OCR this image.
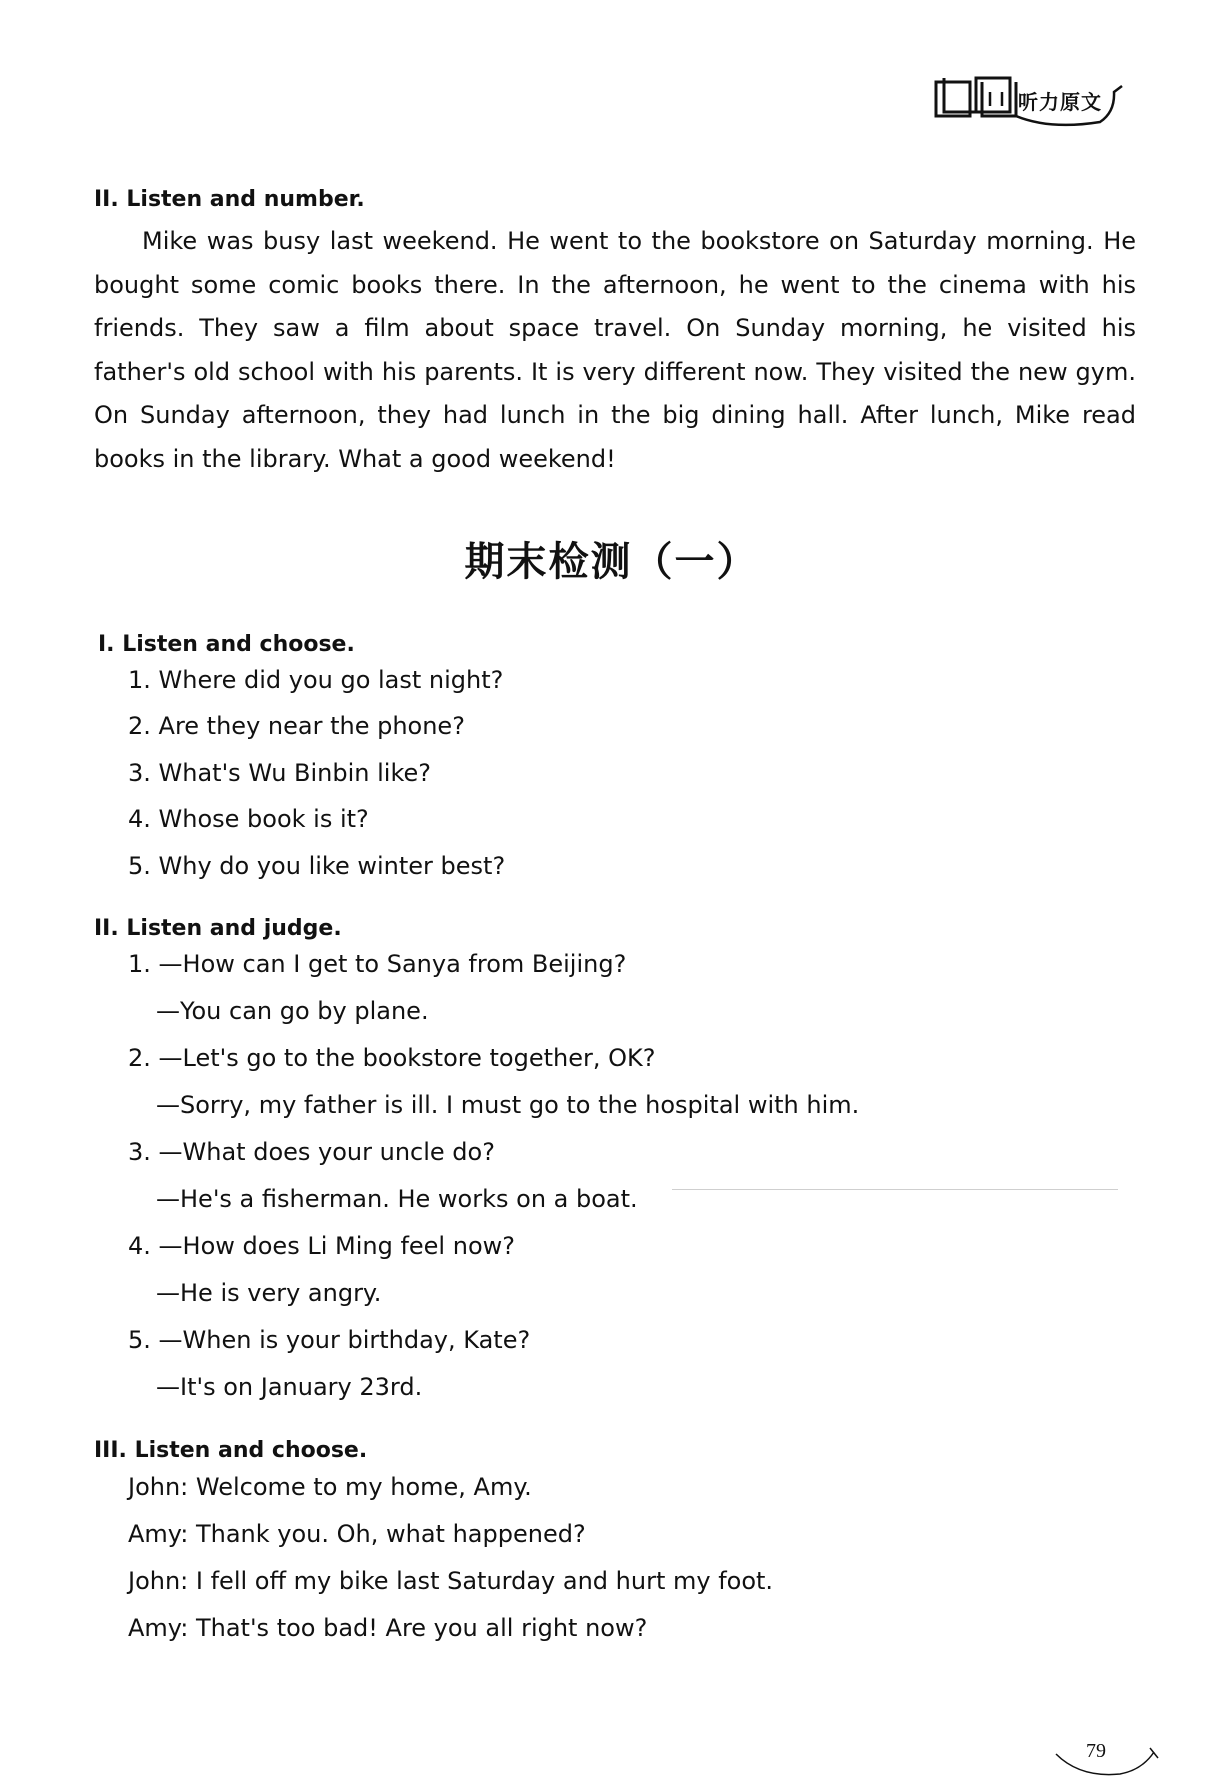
听力原文
II. Listen and number.
Mike was busy last weekend. He went to the bookstore on Saturday morning. He bought some comic books there. In the afternoon, he went to the cinema with his friends. They saw a film about space travel. On Sunday morning, he visited his father's old school with his parents. It is very different now. They visited the new gym. On Sunday afternoon, they had lunch in the big dining hall. After lunch, Mike read books in the library. What a good weekend!
期末检测（一）
I. Listen and choose.
1. Where did you go last night?
2. Are they near the phone?
3. What's Wu Binbin like?
4. Whose book is it?
5. Why do you like winter best?
II. Listen and judge.
1. —How can I get to Sanya from Beijing?
—You can go by plane.
2. —Let's go to the bookstore together, OK?
—Sorry, my father is ill. I must go to the hospital with him.
3. —What does your uncle do?
—He's a fisherman. He works on a boat.
4. —How does Li Ming feel now?
—He is very angry.
5. —When is your birthday, Kate?
—It's on January 23rd.
III. Listen and choose.
John: Welcome to my home, Amy.
Amy: Thank you. Oh, what happened?
John: I fell off my bike last Saturday and hurt my foot.
Amy: That's too bad! Are you all right now?
79
